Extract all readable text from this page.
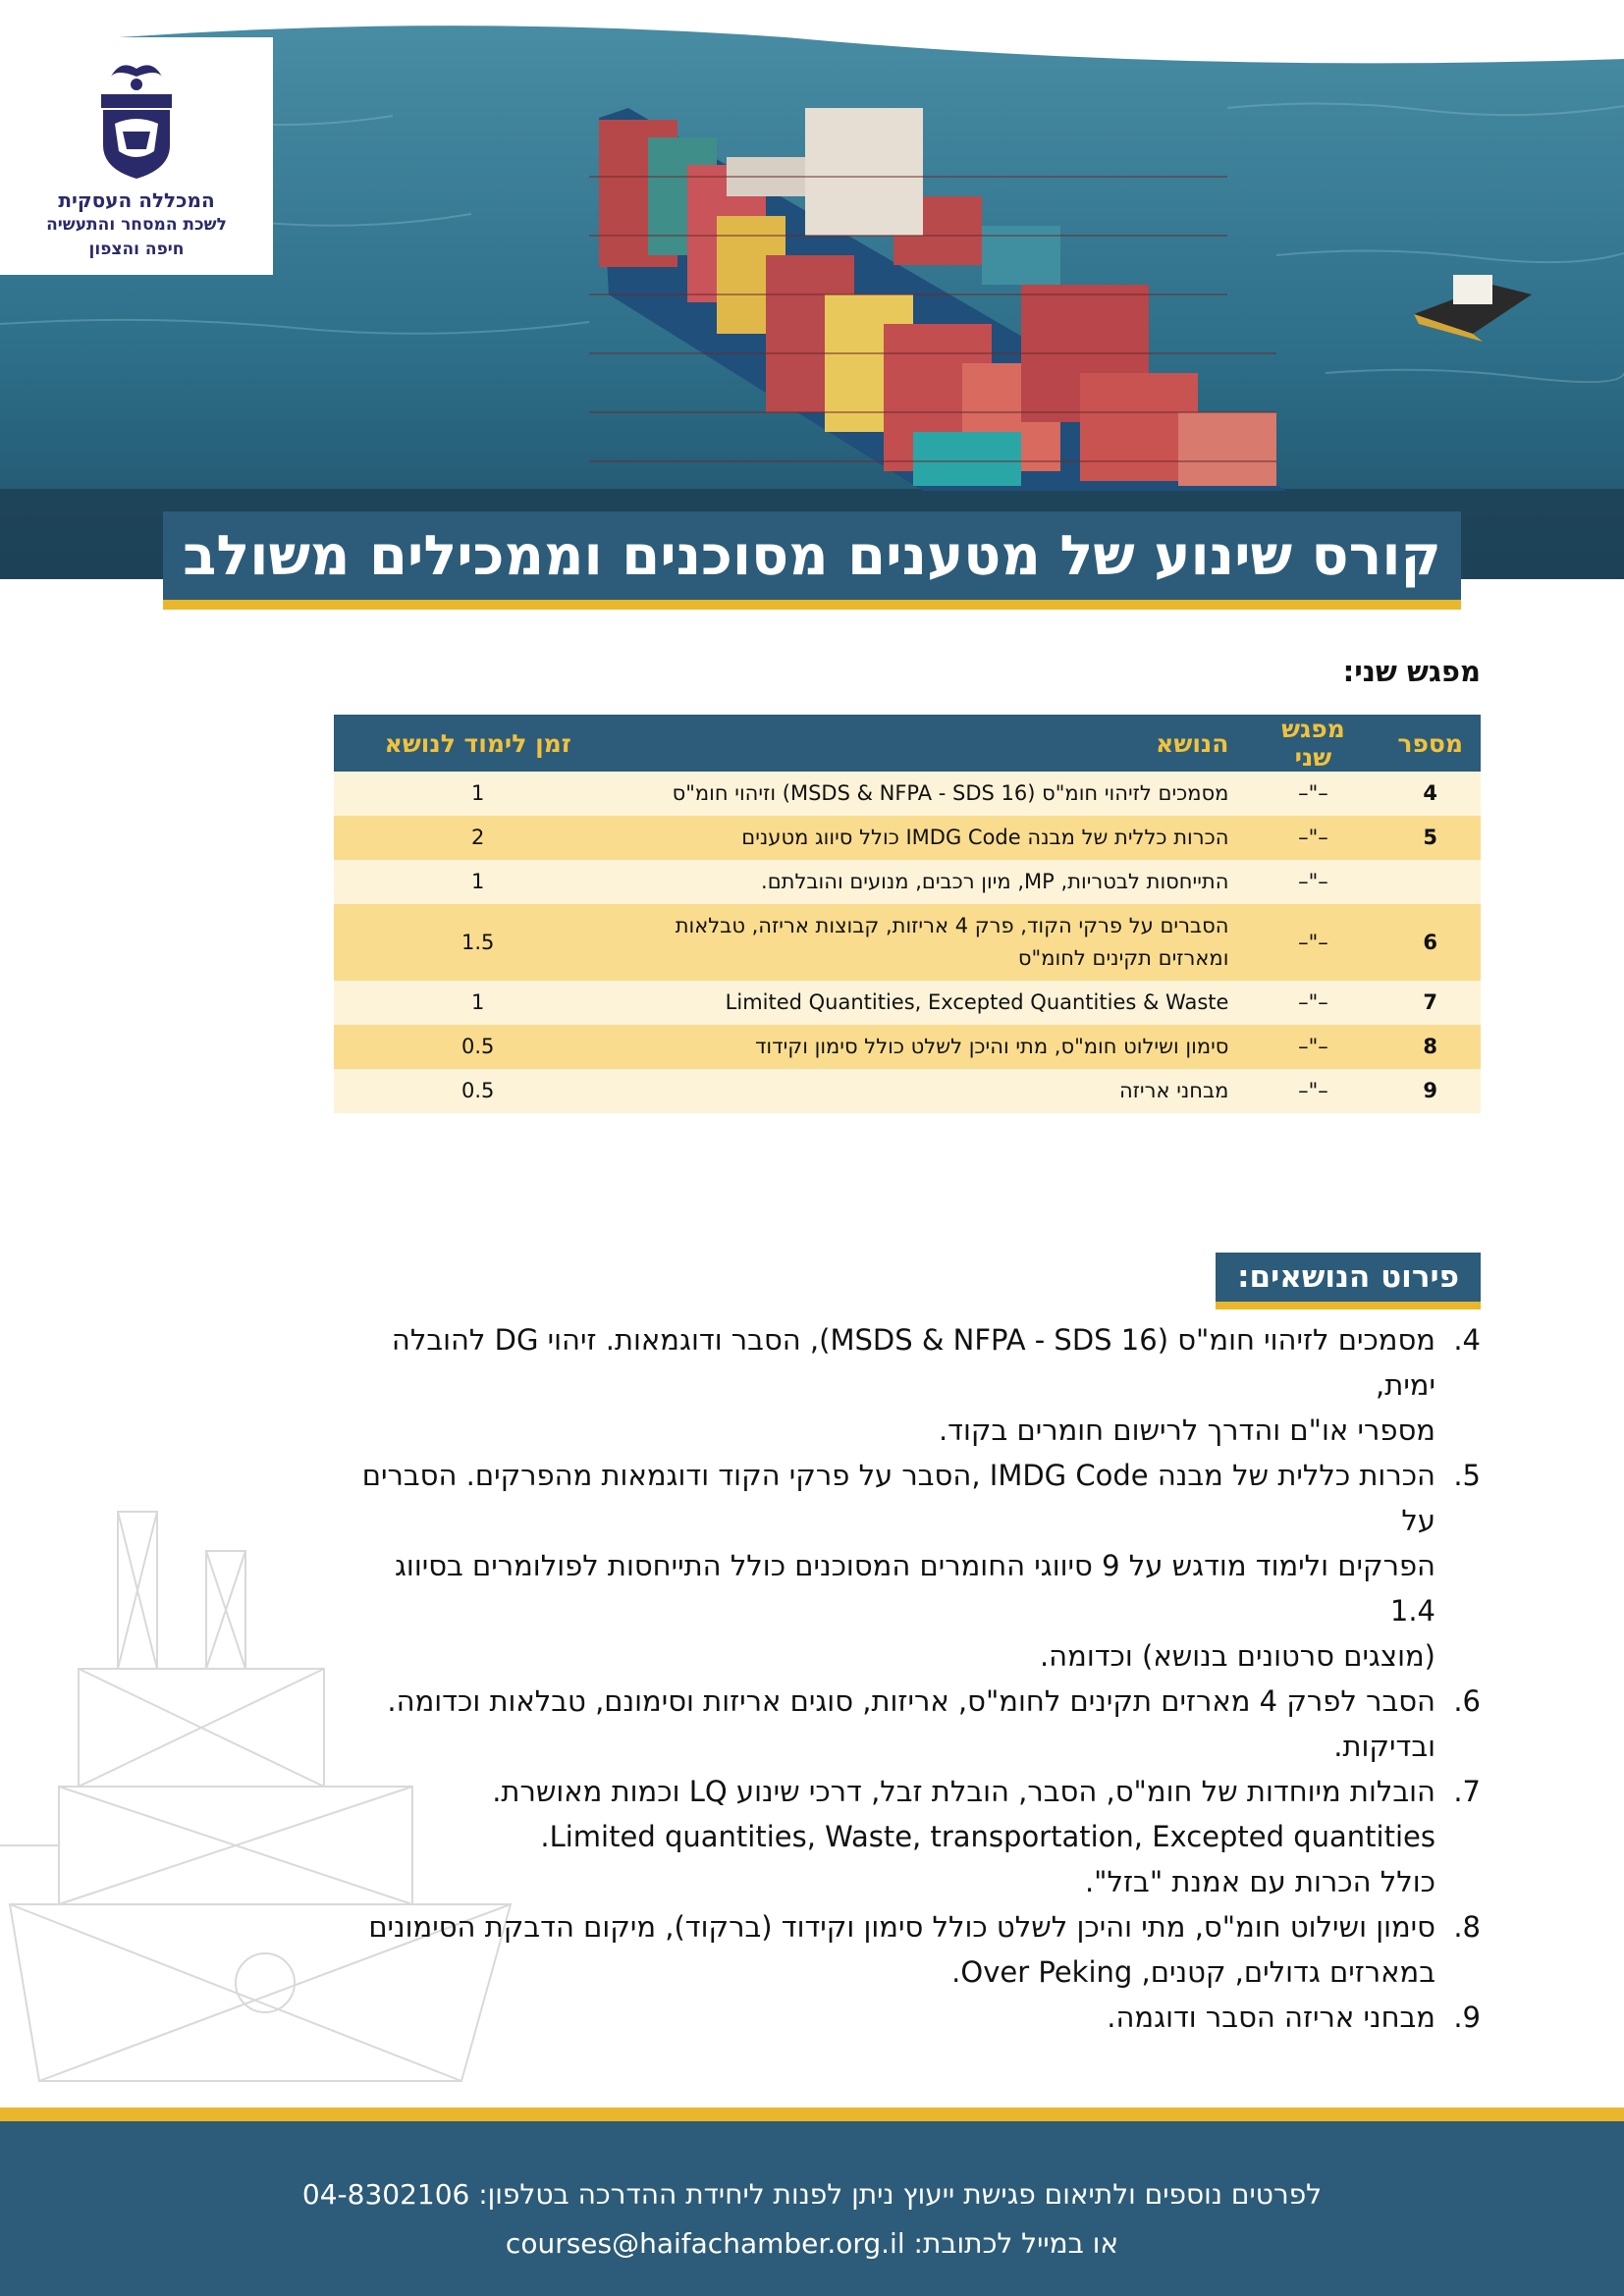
המכללה העסקית
לשכת המסחר והתעשיה
חיפה והצפון
קורס שינוע של מטענים מסוכנים וממכילים משולב
מפגש שני:
מספר	מפגש שני	הנושא	זמן לימוד לנושא
4	–"–	מסמכים לזיהוי חומ"ס (MSDS & NFPA - SDS 16) וזיהוי חומ"ס	1
5	–"–	הכרות כללית של מבנה IMDG Code כולל סיווג מטענים	2
	–"–	התייחסות לבטריות, MP, מיון רכבים, מנועים והובלתם.	1
6	–"–	הסברים על פרקי הקוד, פרק 4 אריזות, קבוצות אריזה, טבלאות ומארזים תקינים לחומ"ס	1.5
7	–"–	Limited Quantities, Excepted Quantities & Waste	1
8	–"–	סימון ושילוט חומ"ס, מתי והיכן לשלט כולל סימון וקידוד	0.5
9	–"–	מבחני אריזה	0.5
פירוט הנושאים:
4.
מסמכים לזיהוי חומ"ס (MSDS & NFPA - SDS 16), הסבר ודוגמאות. זיהוי DG להובלה ימית,
מספרי או"ם והדרך לרישום חומרים בקוד.
5.
הכרות כללית של מבנה IMDG Code ,הסבר על פרקי הקוד ודוגמאות מהפרקים. הסברים על
הפרקים ולימוד מודגש על 9 סיווגי החומרים המסוכנים כולל התייחסות לפולומרים בסיווג 1.4
(מוצגים סרטונים בנושא) וכדומה.
6.
הסבר לפרק 4 מארזים תקינים לחומ"ס, אריזות, סוגים אריזות וסימונם, טבלאות וכדומה. ובדיקות.
7.
הובלות מיוחדות של חומ"ס, הסבר, הובלת זבל, דרכי שינוע LQ וכמות מאושרת.
Limited quantities, Waste, transportation, Excepted quantities.
כולל הכרות עם אמנת "בזל".
8.
סימון ושילוט חומ"ס, מתי והיכן לשלט כולל סימון וקידוד (ברקוד), מיקום הדבקת הסימונים
במארזים גדולים, קטנים, Over Peking.
9.
מבחני אריזה הסבר ודוגמה.

לפרטים נוספים ולתיאום פגישת ייעוץ ניתן לפנות ליחידת ההדרכה בטלפון: 04-8302106

או במייל לכתובת: courses@haifachamber.org.il
